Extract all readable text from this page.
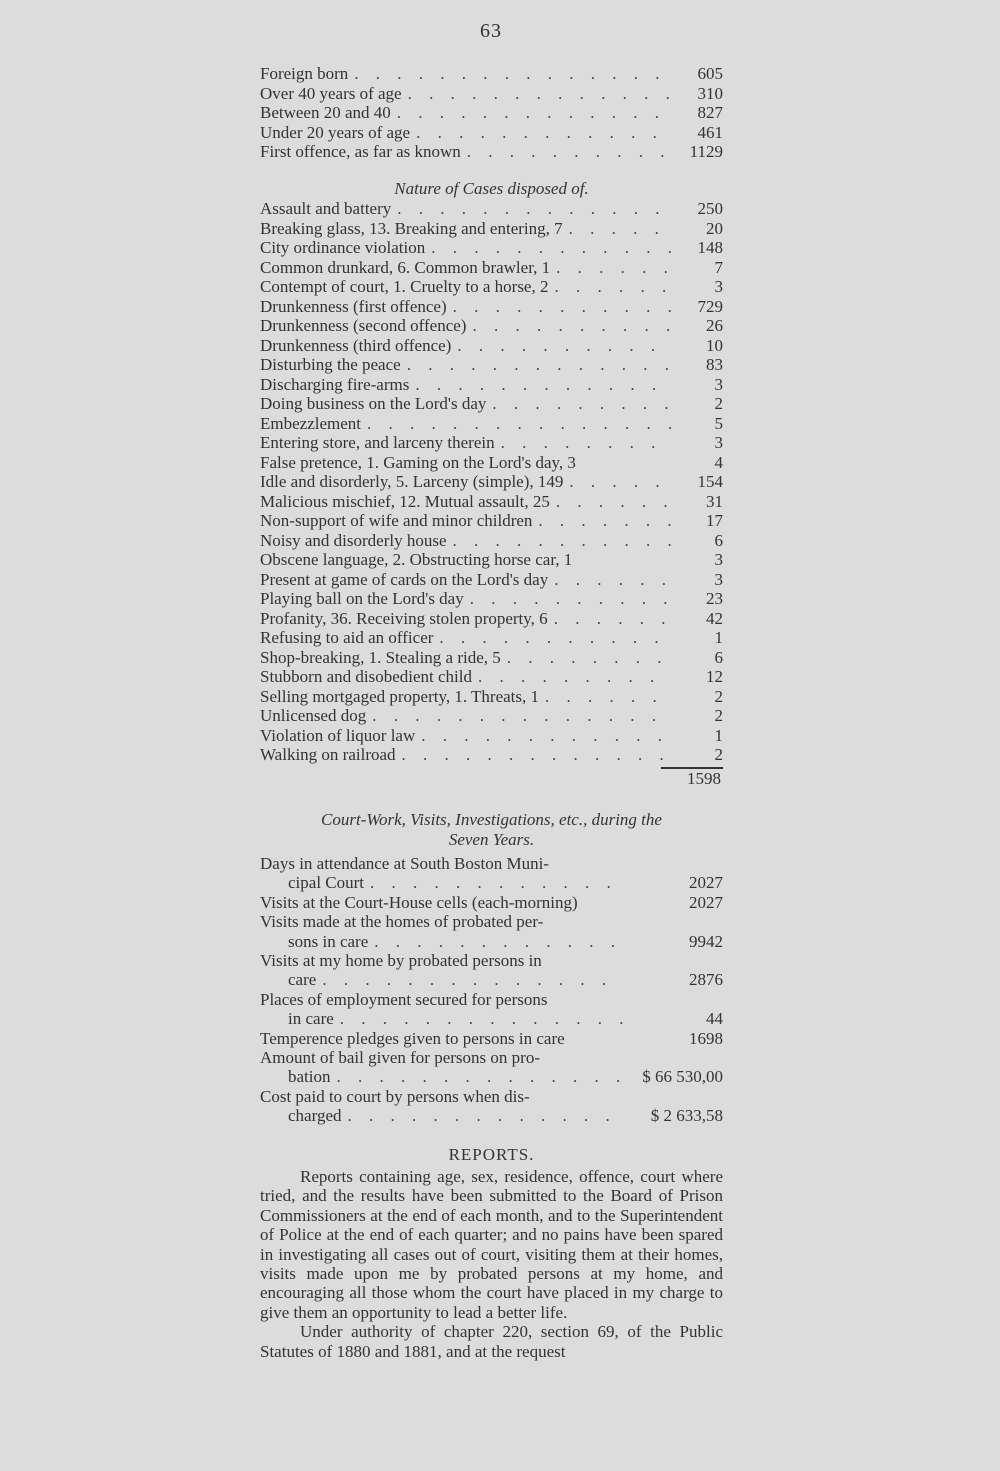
63
Foreign born . . .	605
Over 40 years of age . . .	310
Between 20 and 40 . . .	827
Under 20 years of age . . .	461
First offence, as far as known . . .	1129
Nature of Cases disposed of.
Assault and battery . . .	250
Breaking glass, 13. Breaking and entering, 7 . . .	20
City ordinance violation . . .	148
Common drunkard, 6. Common brawler, 1 . . .	7
Contempt of court, 1. Cruelty to a horse, 2 . . .	3
Drunkenness (first offence) . . .	729
Drunkenness (second offence) . . .	26
Drunkenness (third offence) . . .	10
Disturbing the peace . . .	83
Discharging fire-arms . . .	3
Doing business on the Lord's day . . .	2
Embezzlement . . .	5
Entering store, and larceny therein . . .	3
False pretence, 1. Gaming on the Lord's day, 3	4
Idle and disorderly, 5. Larceny (simple), 149 . . .	154
Malicious mischief, 12. Mutual assault, 25 . . .	31
Non-support of wife and minor children . . .	17
Noisy and disorderly house . . .	6
Obscene language, 2. Obstructing horse car, 1	3
Present at game of cards on the Lord's day . . .	3
Playing ball on the Lord's day . . .	23
Profanity, 36. Receiving stolen property, 6 . . .	42
Refusing to aid an officer . . .	1
Shop-breaking, 1. Stealing a ride, 5 . . .	6
Stubborn and disobedient child . . .	12
Selling mortgaged property, 1. Threats, 1 . . .	2
Unlicensed dog . . .	2
Violation of liquor law . . .	1
Walking on railroad . . .	2
1598
Court-Work, Visits, Investigations, etc., during the
Seven Years.
Days in attendance at South Boston Muni-
cipal Court . . .	2027
Visits at the Court-House cells (each-morning)	2027
Visits made at the homes of probated per-
sons in care . . .	9942
Visits at my home by probated persons in
care . . .	2876
Places of employment secured for persons
in care . . .	44
Temperence pledges given to persons in care	1698
Amount of bail given for persons on pro-
bation . . .	$ 66 530,00
Cost paid to court by persons when dis-
charged . . .	$ 2 633,58
REPORTS.

Reports containing age, sex, residence, offence, court where tried, and the results have been submitted to the Board of Prison Commissioners at the end of each month, and to the Superintendent of Police at the end of each quarter; and no pains have been spared in investigating all cases out of court, visiting them at their homes, visits made upon me by probated persons at my home, and encouraging all those whom the court have placed in my charge to give them an opportunity to lead a better life.

Under authority of chapter 220, section 69, of the Public Statutes of 1880 and 1881, and at the request
